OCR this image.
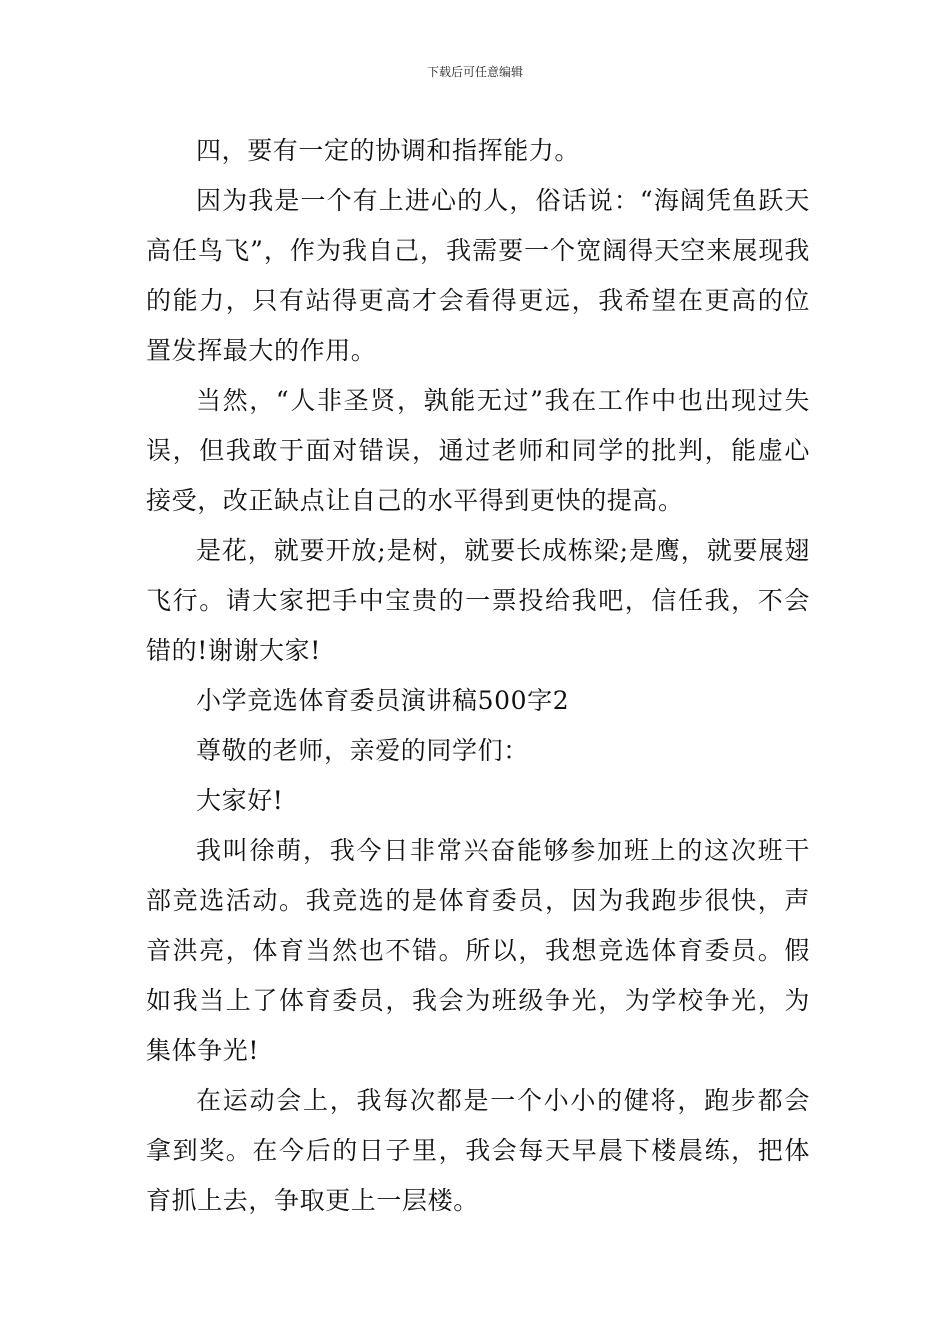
下载后可任意编辑

四，要有一定的协调和指挥能力。

因为我是一个有上进心的人，俗话说：“海阔凭鱼跃天高任鸟飞”，作为我自己，我需要一个宽阔得天空来展现我的能力，只有站得更高才会看得更远，我希望在更高的位置发挥最大的作用。

当然，“人非圣贤，孰能无过”我在工作中也出现过失误，但我敢于面对错误，通过老师和同学的批判，能虚心接受，改正缺点让自己的水平得到更快的提高。

是花，就要开放;是树，就要长成栋梁;是鹰，就要展翅飞行。请大家把手中宝贵的一票投给我吧，信任我，不会错的!谢谢大家!

小学竞选体育委员演讲稿500字2

尊敬的老师，亲爱的同学们：

大家好!

我叫徐萌，我今日非常兴奋能够参加班上的这次班干部竞选活动。我竞选的是体育委员，因为我跑步很快，声音洪亮，体育当然也不错。所以，我想竞选体育委员。假如我当上了体育委员，我会为班级争光，为学校争光，为集体争光!

在运动会上，我每次都是一个小小的健将，跑步都会拿到奖。在今后的日子里，我会每天早晨下楼晨练，把体育抓上去，争取更上一层楼。
